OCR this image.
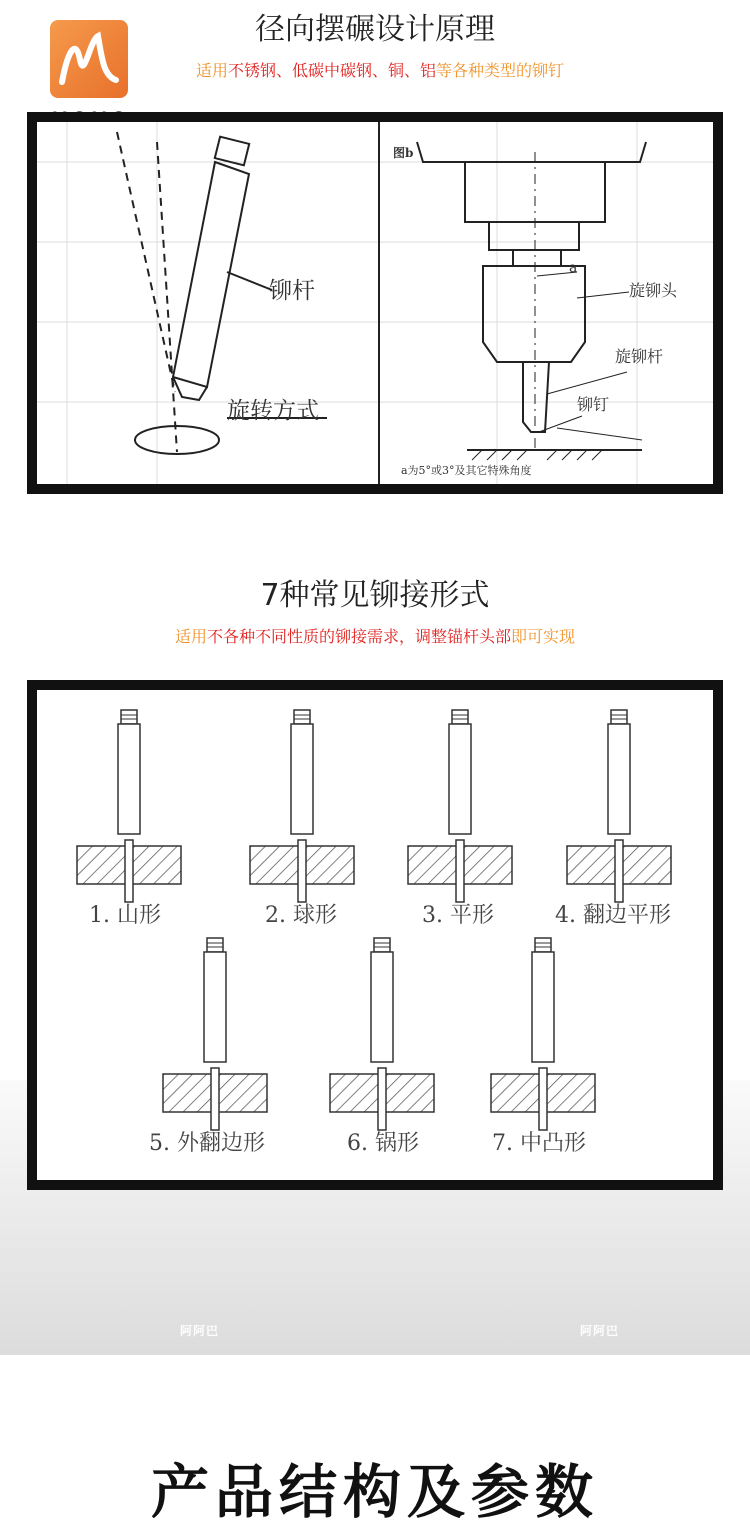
径向摆碾设计原理
适用不锈钢、低碳中碳钢、铜、铝等各种类型的铆钉
铆杆
旋转方式
图b
a
旋铆头
旋铆杆
铆钉
a为5°或3°及其它特殊角度
7种常见铆接形式
适用不各种不同性质的铆接需求，调整锚杆头部即可实现
阿阿巴	阿阿巴
1. 山形	2. 球形	3. 平形	4. 翻边平形
5. 外翻边形	6. 锅形	7. 中凸形
产品结构及参数
